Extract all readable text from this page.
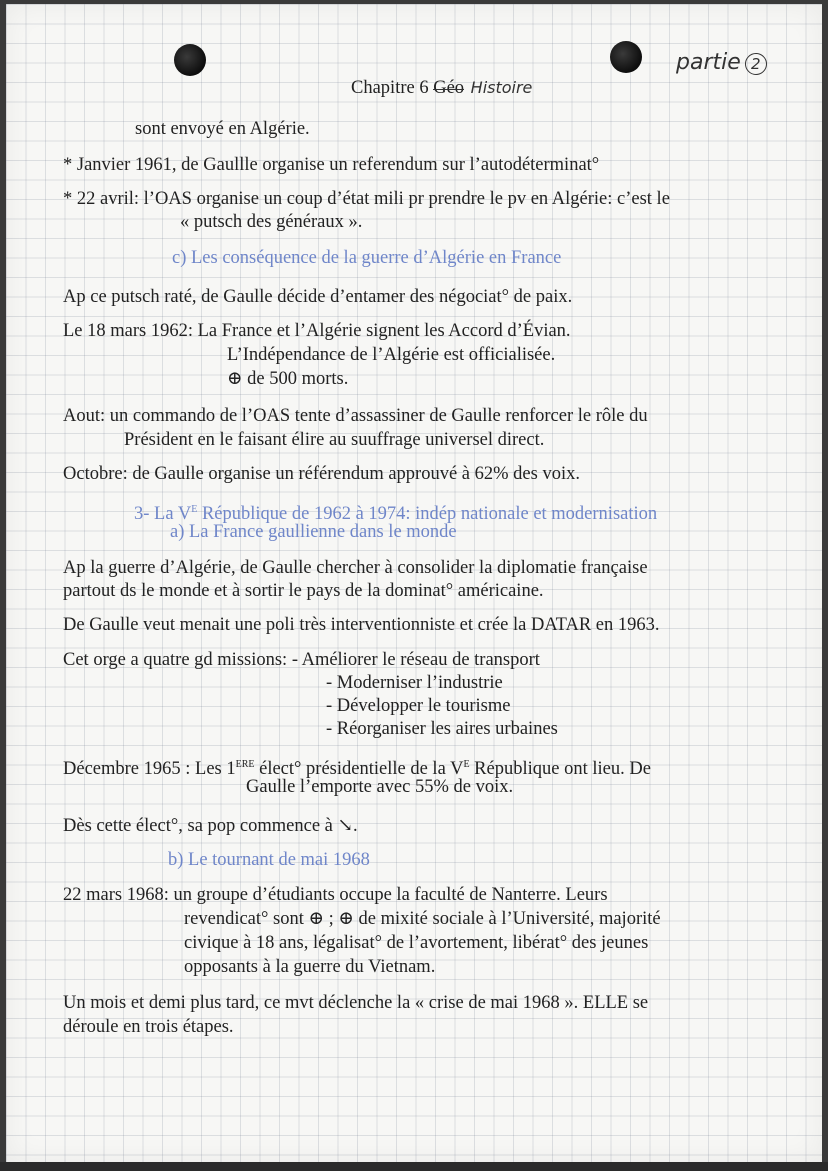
Chapitre 6 Géo Histoire
partie 2
sont envoyé en Algérie.
* Janvier 1961, de Gaullle organise un referendum sur l’autodéterminat°
* 22 avril: l’OAS organise un coup d’état mili pr prendre le pv en Algérie: c’est le
« putsch des généraux ».
c) Les conséquence de la guerre d’Algérie en France
Ap ce putsch raté, de Gaulle décide d’entamer des négociat° de paix.
Le 18 mars 1962: La France et l’Algérie signent les Accord d’Évian.
L’Indépendance de l’Algérie est officialisée.
⊕ de 500 morts.
Aout: un commando de l’OAS tente d’assassiner de Gaulle renforcer le rôle du
Président en le faisant élire au suuffrage universel direct.
Octobre: de Gaulle organise un référendum approuvé à 62% des voix.
3- La $V^E$ République de 1962 à 1974: indép nationale et modernisation
a) La France gaullienne dans le monde
Ap la guerre d’Algérie, de Gaulle chercher à consolider la diplomatie française
partout ds le monde et à sortir le pays de la dominat° américaine.
De Gaulle veut menait une poli très interventionniste et crée la DATAR en 1963.
Cet orge a quatre gd missions: - Améliorer le réseau de transport
- Moderniser l’industrie
- Développer le tourisme
- Réorganiser les aires urbaines
Décembre 1965 : Les 1ERE élect° présidentielle de la $V^E$ République ont lieu. De
Gaulle l’emporte avec 55% de voix.
Dès cette élect°, sa pop commence à ↘.
b) Le tournant de mai 1968
22 mars 1968: un groupe d’étudiants occupe la faculté de Nanterre. Leurs
revendicat° sont ⊕ ; ⊕ de mixité sociale à l’Université, majorité
civique à 18 ans, légalisat° de l’avortement, libérat° des jeunes
opposants à la guerre du Vietnam.
Un mois et demi plus tard, ce mvt déclenche la « crise de mai 1968 ». ELLE se
déroule en trois étapes.
